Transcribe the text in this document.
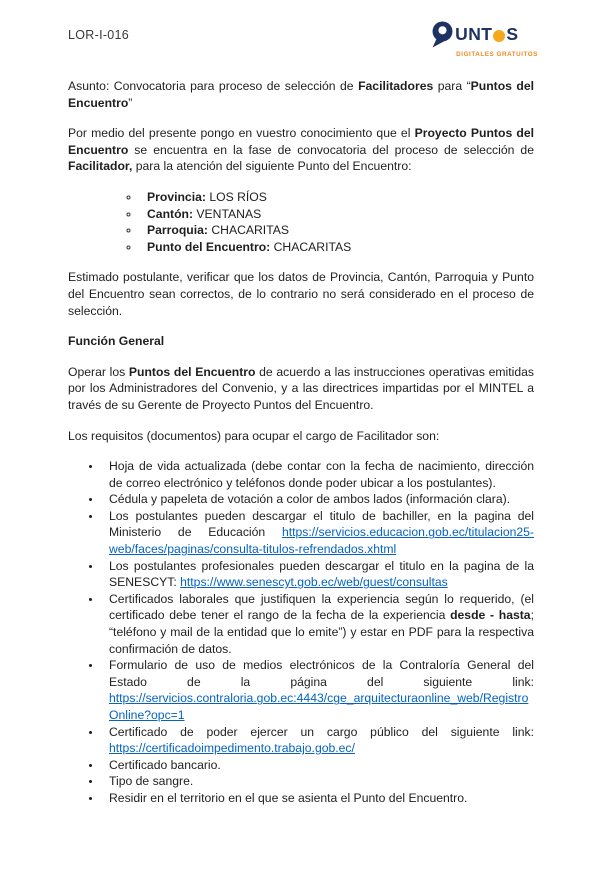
LOR-I-016	UNT S
DIGITALES GRATUITOS

Asunto: Convocatoria para proceso de selección de Facilitadores para “Puntos del Encuentro”

Por medio del presente pongo en vuestro conocimiento que el Proyecto Puntos del Encuentro se encuentra en la fase de convocatoria del proceso de selección de Facilitador, para la atención del siguiente Punto del Encuentro:

◦ Provincia: LOS RÍOS
◦ Cantón: VENTANAS
◦ Parroquia: CHACARITAS
◦ Punto del Encuentro: CHACARITAS

Estimado postulante, verificar que los datos de Provincia, Cantón, Parroquia y Punto del Encuentro sean correctos, de lo contrario no será considerado en el proceso de selección.

Función General

Operar los Puntos del Encuentro de acuerdo a las instrucciones operativas emitidas por los Administradores del Convenio, y a las directrices impartidas por el MINTEL a través de su Gerente de Proyecto Puntos del Encuentro.

Los requisitos (documentos) para ocupar el cargo de Facilitador son:

• Hoja de vida actualizada (debe contar con la fecha de nacimiento, dirección de correo electrónico y teléfonos donde poder ubicar a los postulantes).
• Cédula y papeleta de votación a color de ambos lados (información clara).
• Los postulantes pueden descargar el titulo de bachiller, en la pagina del Ministerio de Educación https://servicios.educacion.gob.ec/titulacion25-web/faces/paginas/consulta-titulos-refrendados.xhtml
• Los postulantes profesionales pueden descargar el titulo en la pagina de la SENESCYT: https://www.senescyt.gob.ec/web/guest/consultas
• Certificados laborales que justifiquen la experiencia según lo requerido, (el certificado debe tener el rango de la fecha de la experiencia desde - hasta; “teléfono y mail de la entidad que lo emite”) y estar en PDF para la respectiva confirmación de datos.
• Formulario de uso de medios electrónicos de la Contraloría General del Estado de la página del siguiente link: https://servicios.contraloria.gob.ec:4443/cge_arquitecturaonline_web/RegistroOnline?opc=1
• Certificado de poder ejercer un cargo público del siguiente link: https://certificadoimpedimento.trabajo.gob.ec/
• Certificado bancario.
• Tipo de sangre.
• Residir en el territorio en el que se asienta el Punto del Encuentro.
